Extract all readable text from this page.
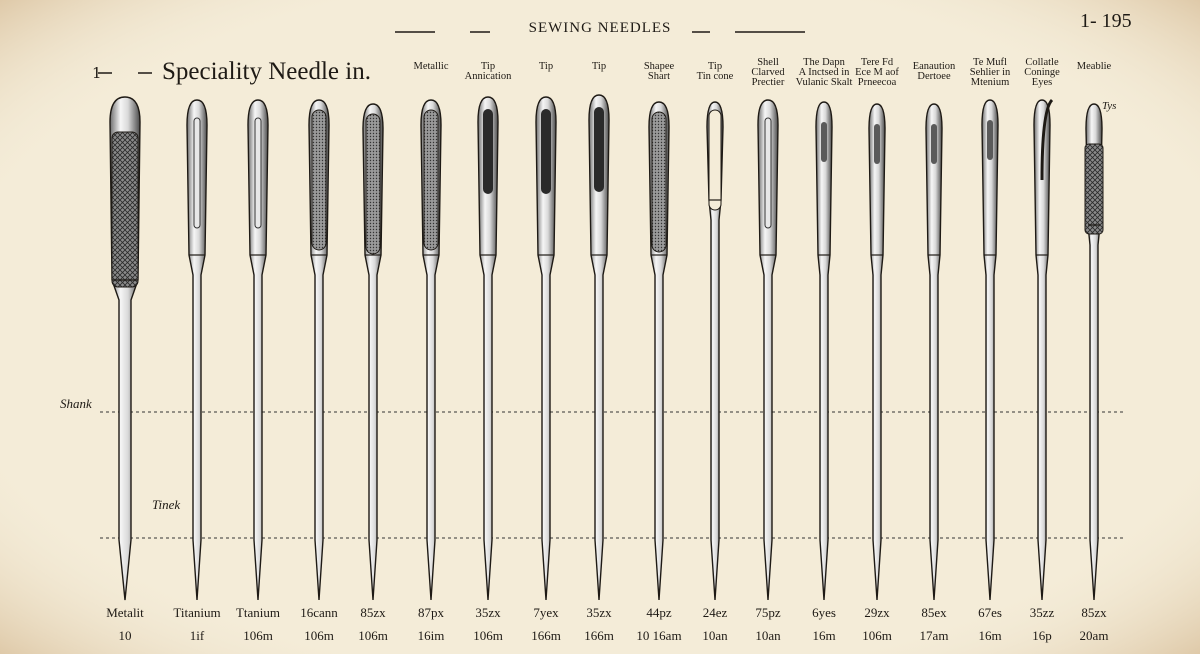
SEWING NEEDLES	1- 195
1 Speciality Needle in.
Shank
Tinek
Tys
Metalit
10
Titanium
1if
Ttanium
106m
16cann
106m
85zx
106m
Metallic
87px
16im
Tip
Annication
35zx
106m
Tip
7yex
166m
Tip
35zx
166m
Shapee
Shart
44pz
10 16am
Tip
Tin cone
24ez
10an
Shell
Clarved
Prectier
75pz
10an
The Dapn
A Inctsed in
Vulanic Skalt
6yes
16m
Tere Fd
Ece M aof
Prneecoa
29zx
106m
Eanaution
Dertoee
85ex
17am
Te Mufl
Sehlier in
Mtenium
67es
16m
Collatle
Coninge
Eyes
35zz
16p
Meablie
85zx
20am
